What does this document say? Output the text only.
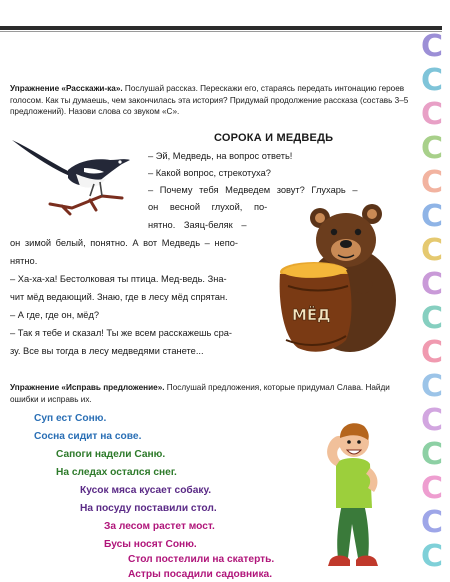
С
С
С
С
С
С
С
С
С
С
С
С
С
С
С
С
Упражнение «Расскажи-ка». Послушай рассказ. Перескажи его, стараясь передать интонацию героев голосом. Как ты думаешь, чем закончилась эта история? Придумай продолжение рассказа (составь 3–5 предложений). Назови слова со звуком «С».
СОРОКА И МЕДВЕДЬ
– Эй, Медведь, на вопрос ответь!
– Какой вопрос, стрекотуха?
– Почему тебя Медведем зовут? Глухарь –
он весной глухой, по-
нятно. Заяц-беляк –
он зимой белый, понятно. А вот Медведь – непо-
нятно.
– Ха-ха-ха! Бестолковая ты птица. Мед-ведь. Зна-
чит мёд ведающий. Знаю, где в лесу мёд спрятан.
– А где, где он, мёд?
– Так я тебе и сказал! Ты же всем расскажешь сра-
зу. Все вы тогда в лесу медведями станете...
МЁД
Упражнение «Исправь предложение». Послушай предложения, которые придумал Слава. Найди ошибки и исправь их.
Суп ест Соню.
Сосна сидит на сове.
Сапоги надели Саню.
На следах остался снег.
Кусок мяса кусает собаку.
На посуду поставили стол.
За лесом растет мост.
Бусы носят Соню.
Стол постелили на скатерть.
Астры посадили садовника.
